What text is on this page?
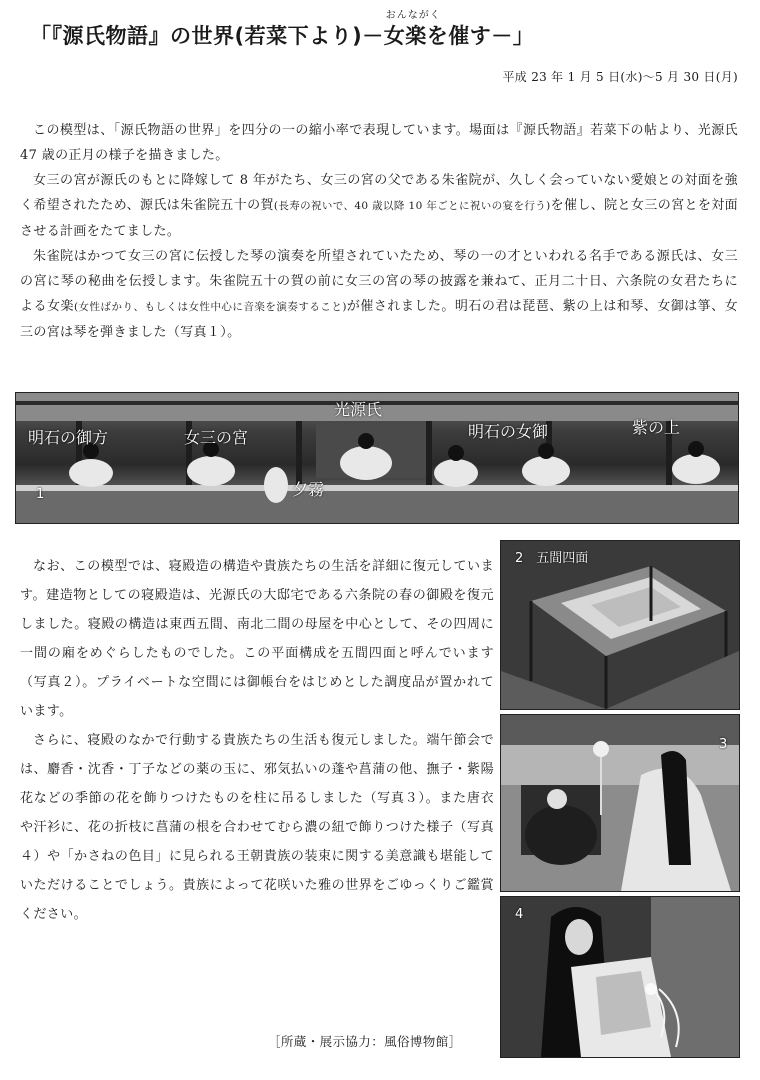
「『源氏物語』の世界(若菜下より)－
おんながく
女楽を催す－」
平成 23 年 1 月 5 日(水)～5 月 30 日(月)

この模型は、「源氏物語の世界」を四分の一の縮小率で表現しています。場面は『源氏物語』若菜下の帖より、光源氏 47 歳の正月の様子を描きました。

女三の宮が源氏のもとに降嫁して 8 年がたち、女三の宮の父である朱雀院が、久しく会っていない愛娘との対面を強く希望されたため、源氏は朱雀院五十の賀(長寿の祝いで、40 歳以降 10 年ごとに祝いの宴を行う)を催し、院と女三の宮とを対面させる計画をたてました。

朱雀院はかつて女三の宮に伝授した琴の演奏を所望されていたため、琴の一の才といわれる名手である源氏は、女三の宮に琴の秘曲を伝授します。朱雀院五十の賀の前に女三の宮の琴の披露を兼ねて、正月二十日、六条院の女君たちによる女楽(女性ばかり、もしくは女性中心に音楽を演奏すること)が催されました。明石の君は琵琶、紫の上は和琴、女御は箏、女三の宮は琴を弾きました（写真１）。

明石の御方	女三の宮
光源氏
明石の女御	紫の上
夕霧
1

なお、この模型では、寝殿造の構造や貴族たちの生活を詳細に復元しています。建造物としての寝殿造は、光源氏の大邸宅である六条院の春の御殿を復元しました。寝殿の構造は東西五間、南北二間の母屋を中心として、その四周に一間の廂をめぐらしたものでした。この平面構成を五間四面と呼んでいます（写真２）。プライベートな空間には御帳台をはじめとした調度品が置かれています。

さらに、寝殿のなかで行動する貴族たちの生活も復元しました。端午節会では、麝香・沈香・丁子などの薬の玉に、邪気払いの蓬や菖蒲の他、撫子・紫陽花などの季節の花を飾りつけたものを柱に吊るしました（写真３）。また唐衣や汗衫に、花の折枝に菖蒲の根を合わせてむら濃の紐で飾りつけた様子（写真４）や「かさねの色目」に見られる王朝貴族の装束に関する美意識も堪能していただけることでしょう。貴族によって花咲いた雅の世界をごゆっくりご鑑賞ください。

2　五間四面
3
4
［所蔵・展示協力：風俗博物館］
